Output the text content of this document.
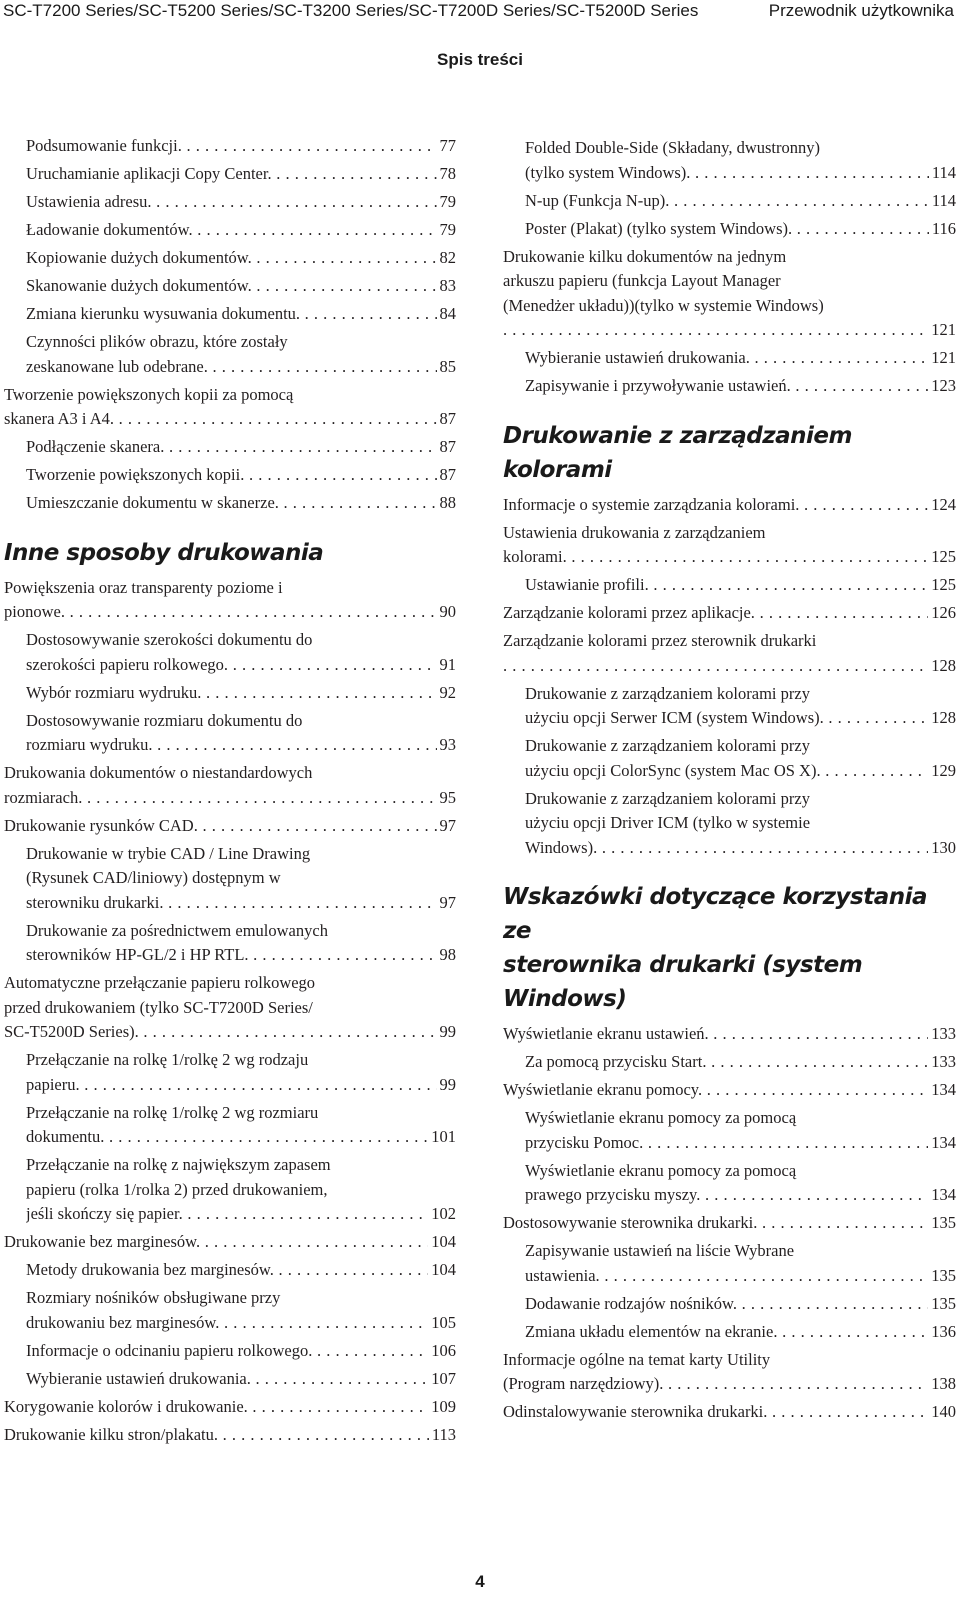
SC-T7200 Series/SC-T5200 Series/SC-T3200 Series/SC-T7200D Series/SC-T5200D Series	Przewodnik użytkownika
Spis treści
77
Podsumowanie funkcji. . . .
78
Uruchamianie aplikacji Copy Center. . . .
79
Ustawienia adresu. . . .
79
Ładowanie dokumentów. . . .
82
Kopiowanie dużych dokumentów. . . .
83
Skanowanie dużych dokumentów. . . .
84
Zmiana kierunku wysuwania dokumentu. . . .
Czynności plików obrazu, które zostały
85
zeskanowane lub odebrane. . . .
Tworzenie powiększonych kopii za pomocą
87
skanera A3 i A4. . . .
87
Podłączenie skanera. . . .
87
Tworzenie powiększonych kopii. . . .
88
Umieszczanie dokumentu w skanerze. . . .
Inne sposoby drukowania
Powiększenia oraz transparenty poziome i
90
pionowe. . . .
Dostosowywanie szerokości dokumentu do
91
szerokości papieru rolkowego. . . .
92
Wybór rozmiaru wydruku. . . .
Dostosowywanie rozmiaru dokumentu do
93
rozmiaru wydruku. . . .
Drukowania dokumentów o niestandardowych
95
rozmiarach. . . .
97
Drukowanie rysunków CAD. . . .
Drukowanie w trybie CAD / Line Drawing
(Rysunek CAD/liniowy) dostępnym w
97
sterowniku drukarki. . . .
Drukowanie za pośrednictwem emulowanych
98
sterowników HP-GL/2 i HP RTL. . . .
Automatyczne przełączanie papieru rolkowego
przed drukowaniem (tylko SC-T7200D Series/
99
SC-T5200D Series). . . .
Przełączanie na rolkę 1/rolkę 2 wg rodzaju
99
papieru. . . .
Przełączanie na rolkę 1/rolkę 2 wg rozmiaru
101
dokumentu. . . .
Przełączanie na rolkę z największym zapasem
papieru (rolka 1/rolka 2) przed drukowaniem,
102
jeśli skończy się papier. . . .
104
Drukowanie bez marginesów. . . .
104
Metody drukowania bez marginesów. . . .
Rozmiary nośników obsługiwane przy
105
drukowaniu bez marginesów. . . .
106
Informacje o odcinaniu papieru rolkowego. . . .
107
Wybieranie ustawień drukowania. . . .
109
Korygowanie kolorów i drukowanie. . . .
113
Drukowanie kilku stron/plakatu. . . .
Folded Double-Side (Składany, dwustronny)
114
(tylko system Windows). . . .
114
N-up (Funkcja N-up). . . .
116
Poster (Plakat) (tylko system Windows). . . .
Drukowanie kilku dokumentów na jednym
arkuszu papieru (funkcja Layout Manager
(Menedżer układu))(tylko w systemie Windows)
121
. . .
121
Wybieranie ustawień drukowania. . . .
123
Zapisywanie i przywoływanie ustawień. . . .
Drukowanie z zarządzaniem kolorami
124
Informacje o systemie zarządzania kolorami. . . .
Ustawienia drukowania z zarządzaniem
125
kolorami. . . .
125
Ustawianie profili. . . .
126
Zarządzanie kolorami przez aplikacje. . . .
Zarządzanie kolorami przez sterownik drukarki
128
. . .
Drukowanie z zarządzaniem kolorami przy
128
użyciu opcji Serwer ICM (system Windows). . . .
Drukowanie z zarządzaniem kolorami przy
129
użyciu opcji ColorSync (system Mac OS X). . . .
Drukowanie z zarządzaniem kolorami przy
użyciu opcji Driver ICM (tylko w systemie
130
Windows). . . .
Wskazówki dotyczące korzystania ze
sterownika drukarki (system
Windows)
133
Wyświetlanie ekranu ustawień. . . .
133
Za pomocą przycisku Start. . . .
134
Wyświetlanie ekranu pomocy. . . .
Wyświetlanie ekranu pomocy za pomocą
134
przycisku Pomoc. . . .
Wyświetlanie ekranu pomocy za pomocą
134
prawego przycisku myszy. . . .
135
Dostosowywanie sterownika drukarki. . . .
Zapisywanie ustawień na liście Wybrane
135
ustawienia. . . .
135
Dodawanie rodzajów nośników. . . .
136
Zmiana układu elementów na ekranie. . . .
Informacje ogólne na temat karty Utility
138
(Program narzędziowy). . . .
140
Odinstalowywanie sterownika drukarki. . . .
4
